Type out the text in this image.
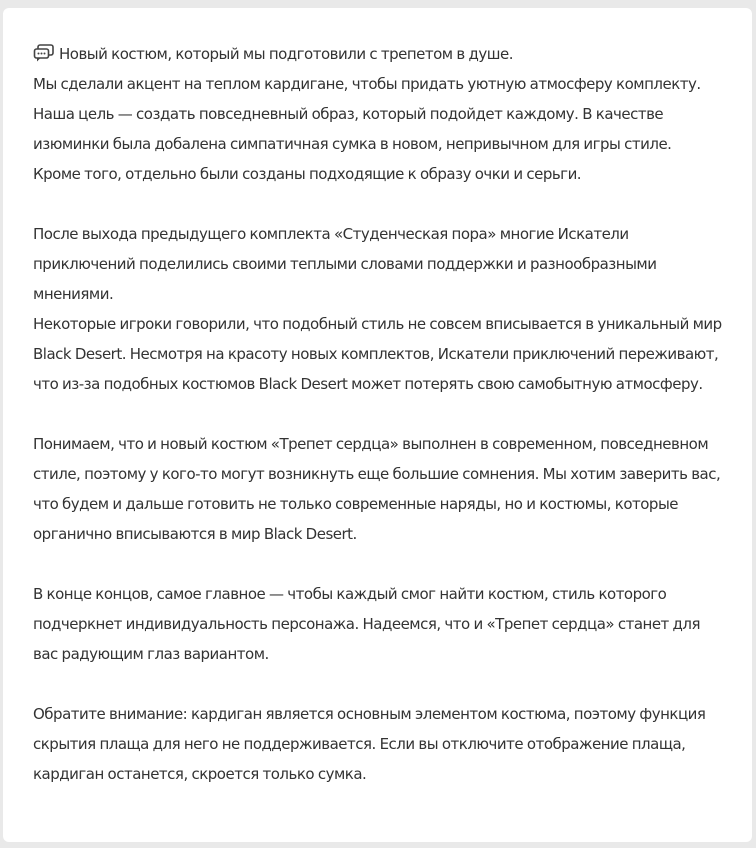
Новый костюм, который мы подготовили с трепетом в душе.

Мы сделали акцент на теплом кардигане, чтобы придать уютную атмосферу комплекту.

Наша цель — создать повседневный образ, который подойдет каждому. В качестве изюминки была добалена симпатичная сумка в новом, непривычном для игры стиле.

Кроме того, отдельно были созданы подходящие к образу очки и серьги.

После выхода предыдущего комплекта «Студенческая пора» многие Искатели приключений поделились своими теплыми словами поддержки и разнообразными мнениями.

Некоторые игроки говорили, что подобный стиль не совсем вписывается в уникальный мир Black Desert. Несмотря на красоту новых комплектов, Искатели приключений переживают, что из-за подобных костюмов Black Desert может потерять свою самобытную атмосферу.

Понимаем, что и новый костюм «Трепет сердца» выполнен в современном, повседневном стиле, поэтому у кого-то могут возникнуть еще большие сомнения. Мы хотим заверить вас, что будем и дальше готовить не только современные наряды, но и костюмы, которые органично вписываются в мир Black Desert.

В конце концов, самое главное — чтобы каждый смог найти костюм, стиль которого подчеркнет индивидуальность персонажа. Надеемся, что и «Трепет сердца» станет для вас радующим глаз вариантом.

Обратите внимание: кардиган является основным элементом костюма, поэтому функция скрытия плаща для него не поддерживается. Если вы отключите отображение плаща, кардиган останется, скроется только сумка.
